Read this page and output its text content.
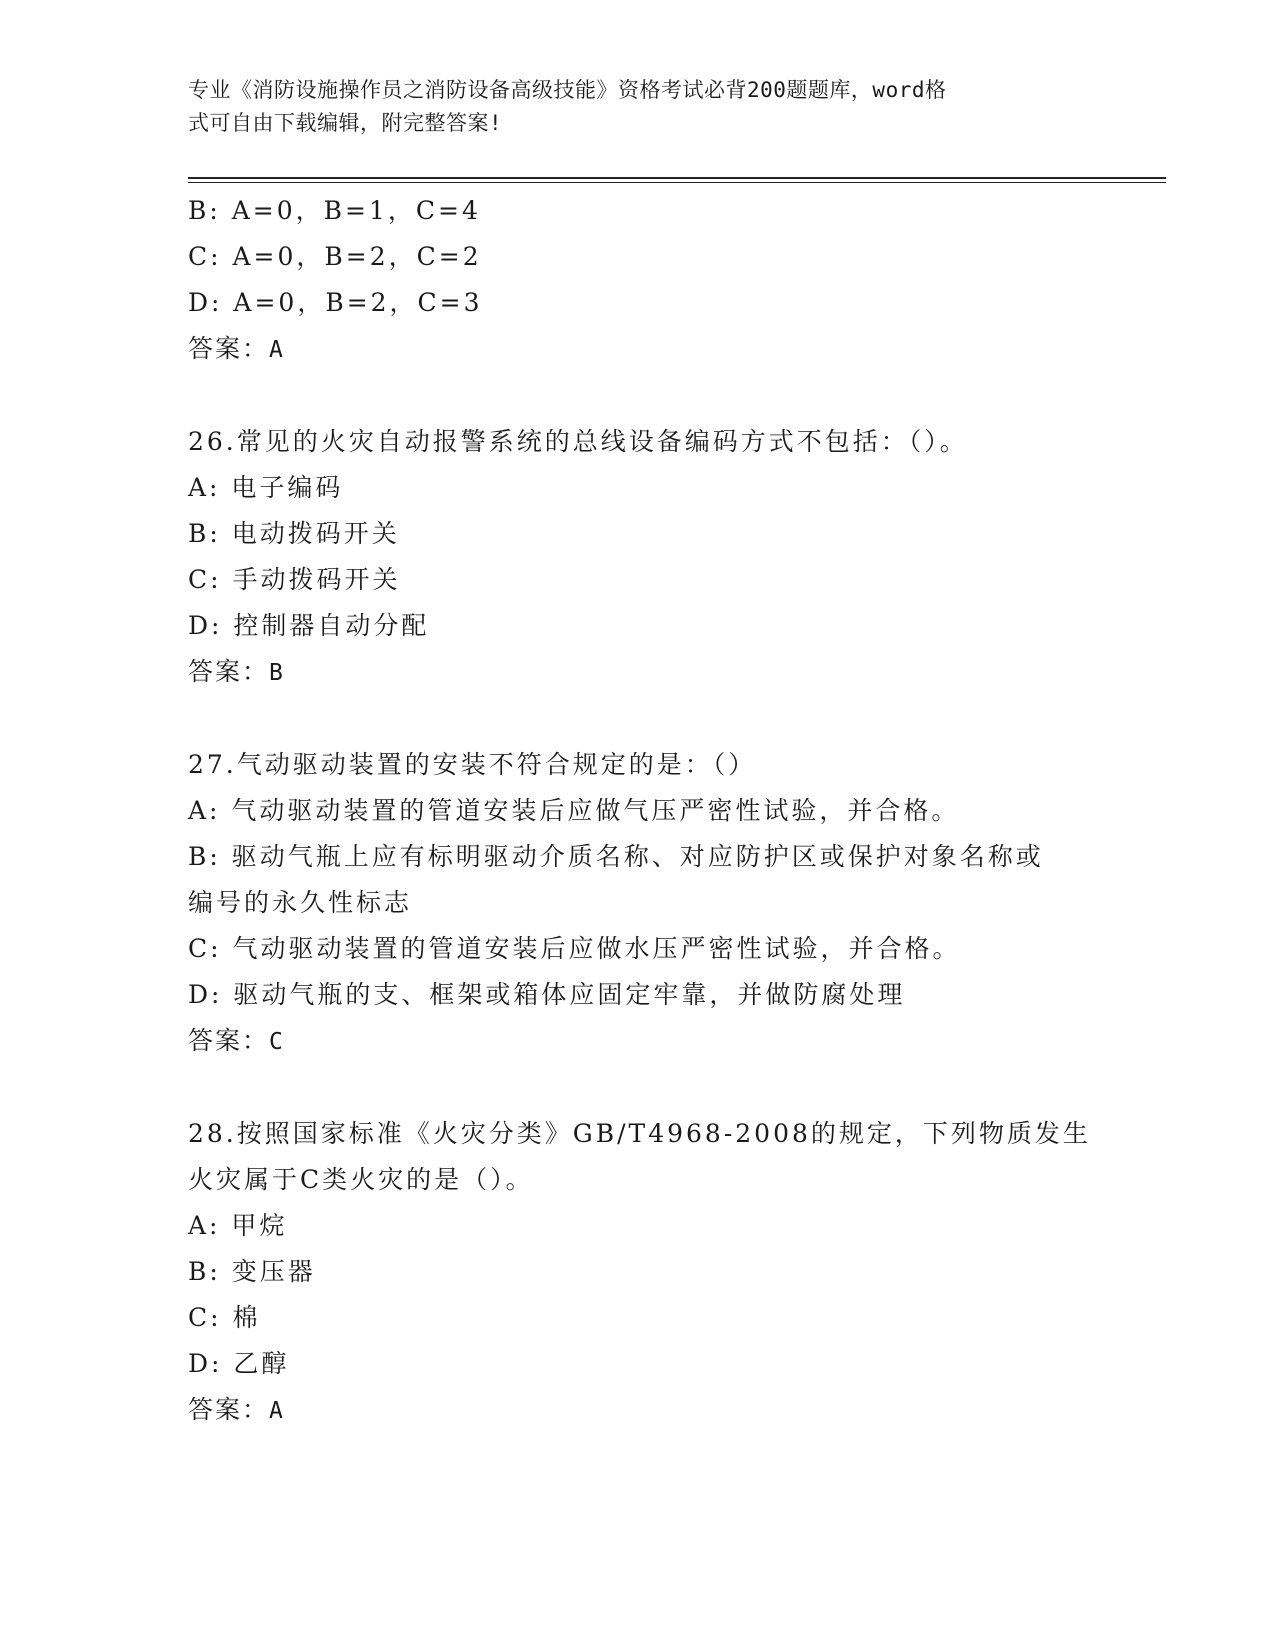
专业《消防设施操作员之消防设备高级技能》资格考试必背200题题库，word格
式可自由下载编辑，附完整答案!
B: A=0，B=1，C=4
C: A=0，B=2，C=2
D: A=0，B=2，C=3
答案：A
26.常见的火灾自动报警系统的总线设备编码方式不包括：（）。
A: 电子编码
B: 电动拨码开关
C: 手动拨码开关
D: 控制器自动分配
答案：B
27.气动驱动装置的安装不符合规定的是：（）
A: 气动驱动装置的管道安装后应做气压严密性试验，并合格。
B: 驱动气瓶上应有标明驱动介质名称、对应防护区或保护对象名称或
编号的永久性标志
C: 气动驱动装置的管道安装后应做水压严密性试验，并合格。
D: 驱动气瓶的支、框架或箱体应固定牢靠，并做防腐处理
答案：C
28.按照国家标准《火灾分类》GB/T4968-2008的规定，下列物质发生
火灾属于C类火灾的是（）。
A: 甲烷
B: 变压器
C: 棉
D: 乙醇
答案：A
